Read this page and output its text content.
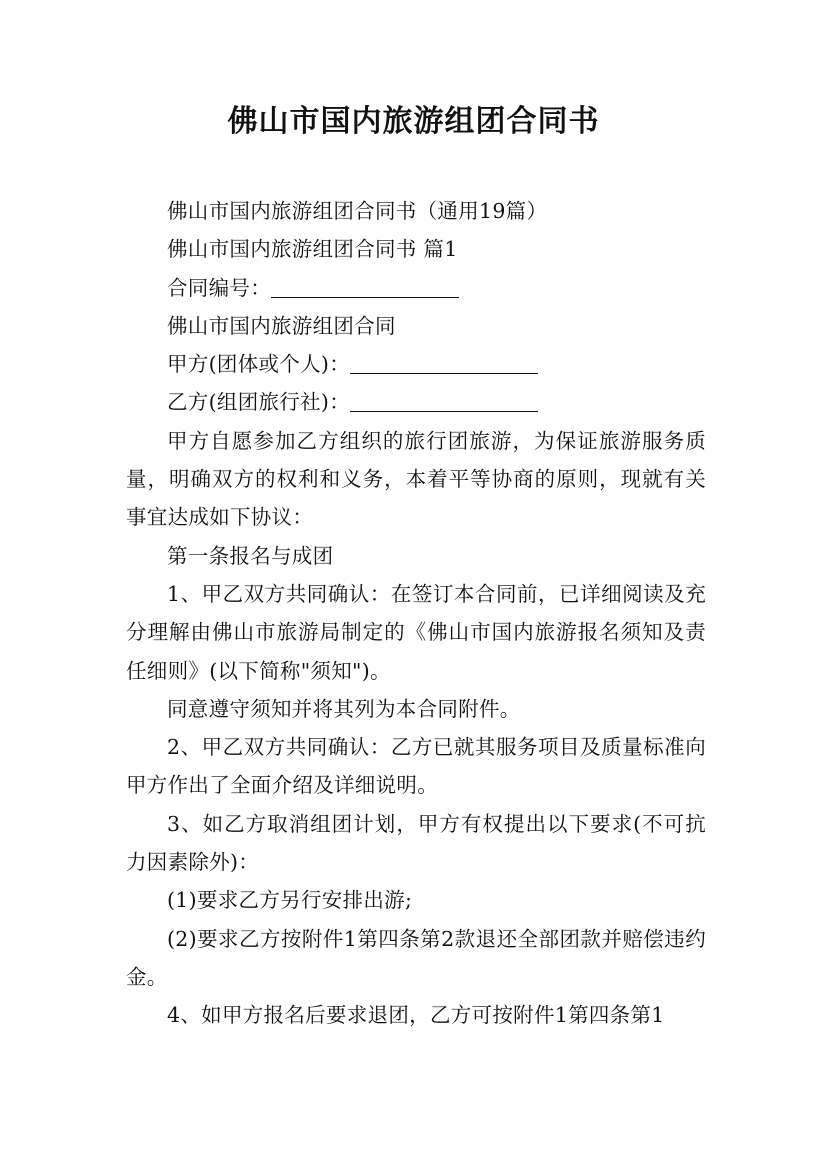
佛山市国内旅游组团合同书

佛山市国内旅游组团合同书（通用19篇）

佛山市国内旅游组团合同书 篇1

合同编号：

佛山市国内旅游组团合同

甲方(团体或个人)：

乙方(组团旅行社)：

甲方自愿参加乙方组织的旅行团旅游，为保证旅游服务质量，明确双方的权利和义务，本着平等协商的原则，现就有关事宜达成如下协议：

第一条报名与成团

1、甲乙双方共同确认：在签订本合同前，已详细阅读及充分理解由佛山市旅游局制定的《佛山市国内旅游报名须知及责任细则》(以下简称"须知")。

同意遵守须知并将其列为本合同附件。

2、甲乙双方共同确认：乙方已就其服务项目及质量标准向甲方作出了全面介绍及详细说明。

3、如乙方取消组团计划，甲方有权提出以下要求(不可抗力因素除外)：

(1)要求乙方另行安排出游;

(2)要求乙方按附件1第四条第2款退还全部团款并赔偿违约金。

4、如甲方报名后要求退团，乙方可按附件1第四条第1
